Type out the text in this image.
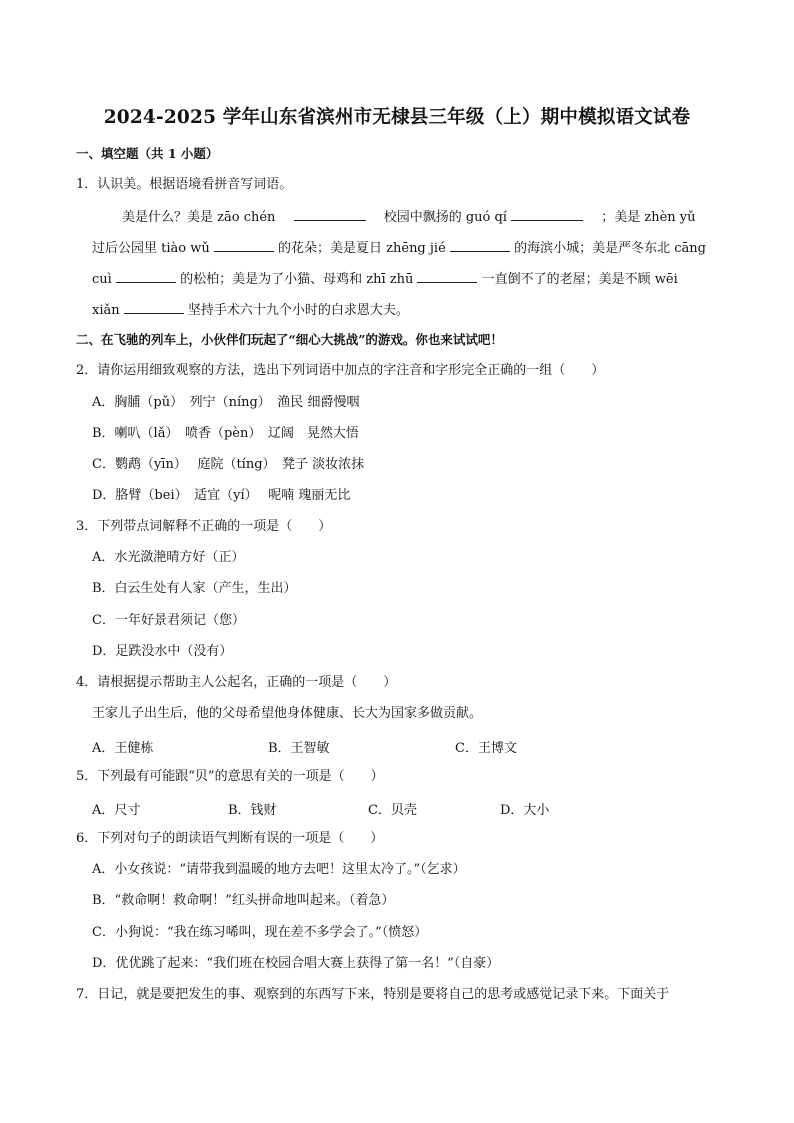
2024-2025 学年山东省滨州市无棣县三年级（上）期中模拟语文试卷
一、填空题（共 1 小题）
1．认识美。根据语境看拼音写词语。
美是什么？美是 zāo chén	校园中飘扬的 guó qí	；美是 zhèn yǔ
过后公园里 tiào wǔ	的花朵；美是夏日 zhēng jié	的海滨小城；美是严冬东北 cāng
cuì	的松柏；美是为了小猫、母鸡和 zhī zhū	一直倒不了的老屋；美是不顾 wēi
xiǎn	坚持手术六十九个小时的白求恩大夫。
二、在飞驰的列车上，小伙伴们玩起了“细心大挑战”的游戏。你也来试试吧！
2．请你运用细致观察的方法，选出下列词语中加点的字注音和字形完全正确的一组（　　）
A．胸脯（pǔ）　列宁（níng）　渔民 细爵慢咽
B．喇叭（lǎ）　喷香（pèn）　辽阔　晃然大悟
C．鹦鹉（yīn）　 庭院（tíng）　凳子 淡妆浓抹
D．胳臂（bei）　适宜（yí）　 呢喃 瑰丽无比
3．下列带点词解释不正确的一项是（　　）
A．水光潋滟晴方好（正）
B．白云生处有人家（产生，生出）
C．一年好景君须记（您）
D．足跌没水中（没有）
4．请根据提示帮助主人公起名，正确的一项是（　　）
王家儿子出生后，他的父母希望他身体健康、长大为国家多做贡献。
A．王健栋	B．王智敏	C．王博文
5．下列最有可能跟“贝”的意思有关的一项是（　　）
A．尺寸	B．钱财	C．贝壳	D．大小
6．下列对句子的朗读语气判断有误的一项是（　　）
A．小女孩说：“请带我到温暖的地方去吧！这里太冷了。”（乞求）
B．“救命啊！救命啊！”红头拼命地叫起来。（着急）
C．小狗说：“我在练习唏叫，现在差不多学会了。”（愤怒）
D．优优跳了起来：“我们班在校园合唱大赛上获得了第一名！”（自豪）
7．日记，就是要把发生的事、观察到的东西写下来，特别是要将自己的思考或感觉记录下来。下面关于
